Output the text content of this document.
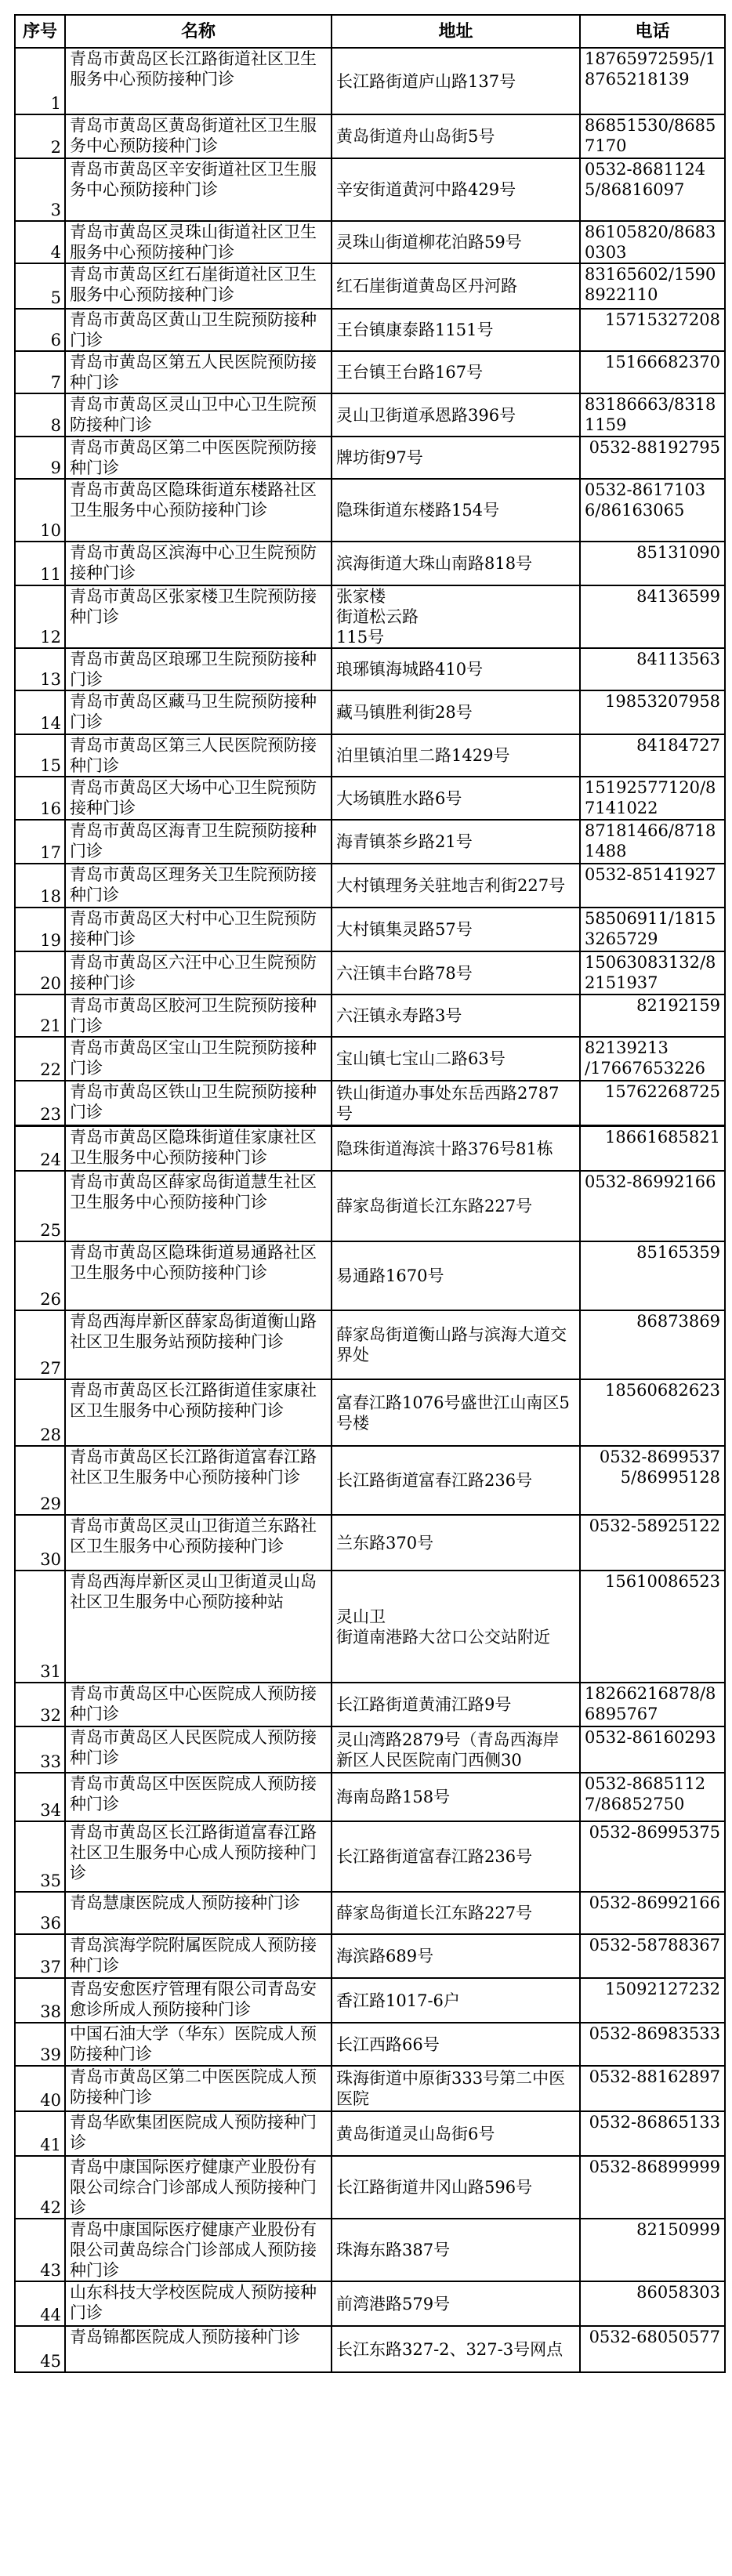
序号	名称	地址	电话
1	青岛市黄岛区长江路街道社区卫生服务中心预防接种门诊	长江路街道庐山路137号	18765972595/18765218139
2	青岛市黄岛区黄岛街道社区卫生服务中心预防接种门诊	黄岛街道舟山岛街5号	86851530/86857170
3	青岛市黄岛区辛安街道社区卫生服务中心预防接种门诊	辛安街道黄河中路429号	0532-86811245/86816097
4	青岛市黄岛区灵珠山街道社区卫生服务中心预防接种门诊	灵珠山街道柳花泊路59号	86105820/86830303
5	青岛市黄岛区红石崖街道社区卫生服务中心预防接种门诊	红石崖街道黄岛区丹河路	83165602/15908922110
6	青岛市黄岛区黄山卫生院预防接种门诊	王台镇康泰路1151号	15715327208
7	青岛市黄岛区第五人民医院预防接种门诊	王台镇王台路167号	15166682370
8	青岛市黄岛区灵山卫中心卫生院预防接种门诊	灵山卫街道承恩路396号	83186663/83181159
9	青岛市黄岛区第二中医医院预防接种门诊	牌坊街97号	0532-88192795
10	青岛市黄岛区隐珠街道东楼路社区卫生服务中心预防接种门诊	隐珠街道东楼路154号	0532-86171036/86163065
11	青岛市黄岛区滨海中心卫生院预防接种门诊	滨海街道大珠山南路818号	85131090
12	青岛市黄岛区张家楼卫生院预防接种门诊	张家楼
街道松云路
115号	84136599
13	青岛市黄岛区琅琊卫生院预防接种门诊	琅琊镇海城路410号	84113563
14	青岛市黄岛区藏马卫生院预防接种门诊	藏马镇胜利街28号	19853207958
15	青岛市黄岛区第三人民医院预防接种门诊	泊里镇泊里二路1429号	84184727
16	青岛市黄岛区大场中心卫生院预防接种门诊	大场镇胜水路6号	15192577120/87141022
17	青岛市黄岛区海青卫生院预防接种门诊	海青镇茶乡路21号	87181466/87181488
18	青岛市黄岛区理务关卫生院预防接种门诊	大村镇理务关驻地吉利街227号	0532-85141927
19	青岛市黄岛区大村中心卫生院预防接种门诊	大村镇集灵路57号	58506911/18153265729
20	青岛市黄岛区六汪中心卫生院预防接种门诊	六汪镇丰台路78号	15063083132/82151937
21	青岛市黄岛区胶河卫生院预防接种门诊	六汪镇永寿路3号	82192159
22	青岛市黄岛区宝山卫生院预防接种门诊	宝山镇七宝山二路63号	82139213
/17667653226
23	青岛市黄岛区铁山卫生院预防接种门诊	铁山街道办事处东岳西路2787号	15762268725
24	青岛市黄岛区隐珠街道佳家康社区卫生服务中心预防接种门诊	隐珠街道海滨十路376号81栋	18661685821
25	青岛市黄岛区薛家岛街道慧生社区卫生服务中心预防接种门诊	薛家岛街道长江东路227号	0532-86992166
26	青岛市黄岛区隐珠街道易通路社区卫生服务中心预防接种门诊	易通路1670号	85165359
27	青岛西海岸新区薛家岛街道衡山路社区卫生服务站预防接种门诊	薛家岛街道衡山路与滨海大道交界处	86873869
28	青岛市黄岛区长江路街道佳家康社区卫生服务中心预防接种门诊	富春江路1076号盛世江山南区5号楼	18560682623
29	青岛市黄岛区长江路街道富春江路社区卫生服务中心预防接种门诊	长江路街道富春江路236号	0532-86995375/86995128
30	青岛市黄岛区灵山卫街道兰东路社区卫生服务中心预防接种门诊	兰东路370号	0532-58925122
31	青岛西海岸新区灵山卫街道灵山岛社区卫生服务中心预防接种站	灵山卫
街道南港路大岔口公交站附近	15610086523
32	青岛市黄岛区中心医院成人预防接种门诊	长江路街道黄浦江路9号	18266216878/86895767
33	青岛市黄岛区人民医院成人预防接种门诊	灵山湾路2879号（青岛西海岸新区人民医院南门西侧30	0532-86160293
34	青岛市黄岛区中医医院成人预防接种门诊	海南岛路158号	0532-86851127/86852750
35	青岛市黄岛区长江路街道富春江路社区卫生服务中心成人预防接种门诊	长江路街道富春江路236号	0532-86995375
36	青岛慧康医院成人预防接种门诊	薛家岛街道长江东路227号	0532-86992166
37	青岛滨海学院附属医院成人预防接种门诊	海滨路689号	0532-58788367
38	青岛安愈医疗管理有限公司青岛安愈诊所成人预防接种门诊	香江路1017-6户	15092127232
39	中国石油大学（华东）医院成人预防接种门诊	长江西路66号	0532-86983533
40	青岛市黄岛区第二中医医院成人预防接种门诊	珠海街道中原街333号第二中医医院	0532-88162897
41	青岛华欧集团医院成人预防接种门诊	黄岛街道灵山岛街6号	0532-86865133
42	青岛中康国际医疗健康产业股份有限公司综合门诊部成人预防接种门诊	长江路街道井冈山路596号	0532-86899999
43	青岛中康国际医疗健康产业股份有限公司黄岛综合门诊部成人预防接种门诊	珠海东路387号	82150999
44	山东科技大学校医院成人预防接种门诊	前湾港路579号	86058303
45	青岛锦都医院成人预防接种门诊	长江东路327-2、327-3号网点	0532-68050577
